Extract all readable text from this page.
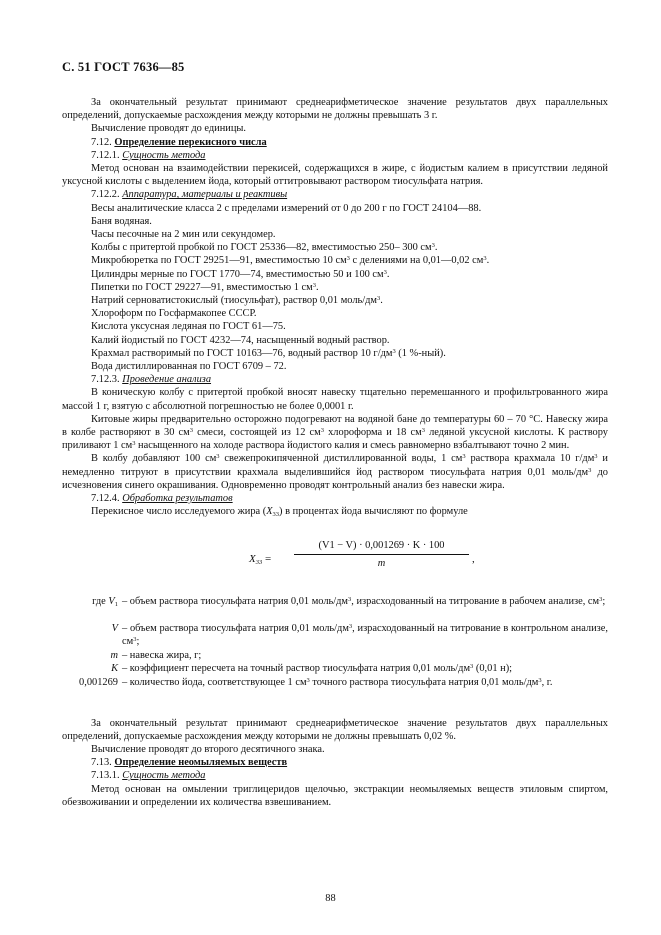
С. 51 ГОСТ 7636—85

За окончательный результат принимают среднеарифметическое значение результатов двух параллельных определений, допускаемые расхождения между которыми не должны превышать 3 г.

Вычисление проводят до единицы.

7.12. Определение перекисного числа

7.12.1. Сущность метода

Метод основан на взаимодействии перекисей, содержащихся в жире, с йодистым калием в присутствии ледяной уксусной кислоты с выделением йода, который оттитровывают раствором тиосульфата натрия.

7.12.2. Аппаратура, материалы и реактивы

Весы аналитические класса 2 с пределами измерений от 0 до 200 г по ГОСТ 24104—88.

Баня водяная.

Часы песочные на 2 мин или секундомер.

Колбы с притертой пробкой по ГОСТ 25336—82, вместимостью 250– 300 $см^3$.

Микробюретка по ГОСТ 29251—91, вместимостью 10 $см^3$ с делениями на 0,01—0,02 $см^3$.

Цилиндры мерные по ГОСТ 1770—74, вместимостью 50 и 100 $см^3$.

Пипетки по ГОСТ 29227—91, вместимостью 1 $см^3$.

Натрий серноватистокислый (тиосульфат), раствор 0,01 моль/$дм^3$.

Хлороформ по Госфармакопее СССР.

Кислота уксусная ледяная по ГОСТ 61—75.

Калий йодистый по ГОСТ 4232—74, насыщенный водный раствор.

Крахмал растворимый по ГОСТ 10163—76, водный раствор 10 $г/дм^3$ (1 %-ный).

Вода дистиллированная по ГОСТ 6709 – 72.

7.12.3. Проведение анализа

В коническую колбу с притертой пробкой вносят навеску тщательно перемешанного и профильтрованного жира массой 1 г, взятую с абсолютной погрешностью не более 0,0001 г.

Китовые жиры предварительно осторожно подогревают на водяной бане до температуры 60 – 70 °С. Навеску жира в колбе растворяют в 30 $см^3$ смеси, состоящей из 12 $см^3$ хлороформа и 18 $см^3$ ледяной уксусной кислоты. К раствору приливают 1 $см^3$ насыщенного на холоде раствора йодистого калия и смесь равномерно взбалтывают точно 2 мин.

В колбу добавляют 100 $см^3$ свежепрокипяченной дистиллированной воды, 1 $см^3$ раствора крахмала 10 $г/дм^3$ и немедленно титруют в присутствии крахмала выделившийся йод раствором тиосульфата натрия 0,01 моль/$дм^3$ до исчезновения синего окрашивания. Одновременно проводят контрольный анализ без навески жира.

7.12.4. Обработка результатов

Перекисное число исследуемого жира $(X_{33})$ в процентах йода вычисляют по формуле

$X_{33} = \frac{(V1 - V) \cdot 0,001269 \cdot K \cdot 100}{m}$ ,
где $V_1$ – объем раствора тиосульфата натрия 0,01 моль/$дм^3$, израсходованный на титрование в рабочем анализе, $см^3$;
V – объем раствора тиосульфата натрия 0,01 моль/$дм^3$, израсходованный на титрование в контрольном анализе, $см^3$;
m – навеска жира, г;
K – коэффициент пересчета на точный раствор тиосульфата натрия 0,01 моль/$дм^3$ (0,01 н);
0,001269 – количество йода, соответствующее 1 $см^3$ точного раствора тиосульфата натрия 0,01 моль/$дм^3$, г.

За окончательный результат принимают среднеарифметическое значение результатов двух параллельных определений, допускаемые расхождения между которыми не должны превышать 0,02 %.

Вычисление проводят до второго десятичного знака.

7.13. Определение неомыляемых веществ

7.13.1. Сущность метода

Метод основан на омылении триглицеридов щелочью, экстракции неомыляемых веществ этиловым спиртом, обезвоживании и определении их количества взвешиванием.

88
